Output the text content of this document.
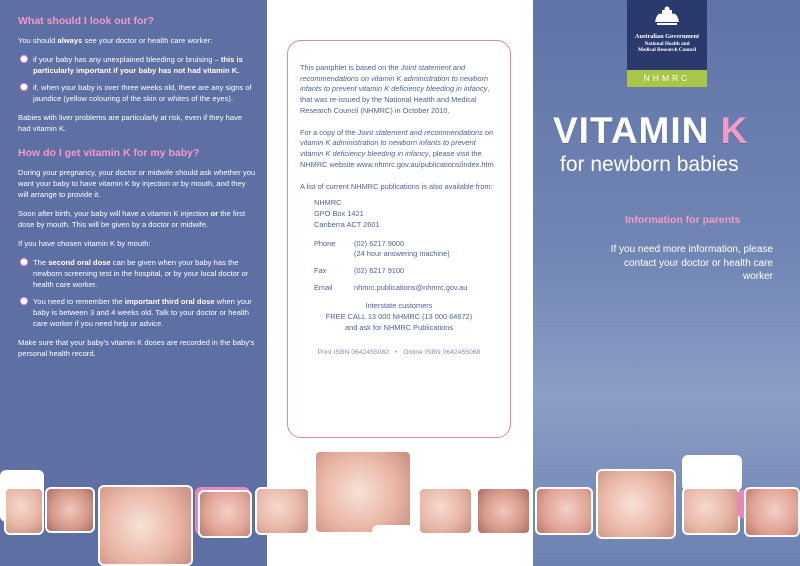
What should I look out for?
You should always see your doctor or health care worker:
if your baby has any unexplained bleeding or bruising – this is particularly important if your baby has not had vitamin K.
if, when your baby is over three weeks old, there are any signs of jaundice (yellow colouring of the skin or whites of the eyes).
Babies with liver problems are particularly at risk, even if they have had vitamin K.
How do I get vitamin K for my baby?
During your pregnancy, your doctor or midwife should ask whether you want your baby to have vitamin K by injection or by mouth, and they will arrange to provide it.
Soon after birth, your baby will have a vitamin K injection or the first dose by mouth. This will be given by a doctor or midwife.
If you have chosen vitamin K by mouth:
The second oral dose can be given when your baby has the newborn screening test in the hospital, or by your local doctor or health care worker.
You need to remember the important third oral dose when your baby is between 3 and 4 weeks old. Talk to your doctor or health care worker if you need help or advice.
Make sure that your baby's vitamin K doses are recorded in the baby's personal health record.
This pamphlet is based on the Joint statement and recommendations on vitamin K administration to newborn infants to prevent vitamin K deficiency bleeding in infancy, that was re-issued by the National Health and Medical Research Council (NHMRC) in October 2010.
For a copy of the Joint statement and recommendations on vitamin K administration to newborn infants to prevent vitamin K deficiency bleeding in infancy, please visit the NHMRC website www.nhmrc.gov.au/publications/index.htm
A list of current NHMRC publications is also available from:
NHMRC
GPO Box 1421
Canberra ACT 2601
Phone	(02) 6217 9000
(24 hour answering machine)
Fax	(02) 6217 9100
Email	nhmrc.publications@nhmrc.gov.au
Interstate customers
FREE CALL 13 000 NHMRC (13 000 64672)
and ask for NHMRC Publications
Print ISBN 0642455082 • Online ISBN 0642455068
Australian Government
National Health and
Medical Research Council
NHMRC
VITAMIN K
for newborn babies
Information for parents
If you need more information, please contact your doctor or health care worker
